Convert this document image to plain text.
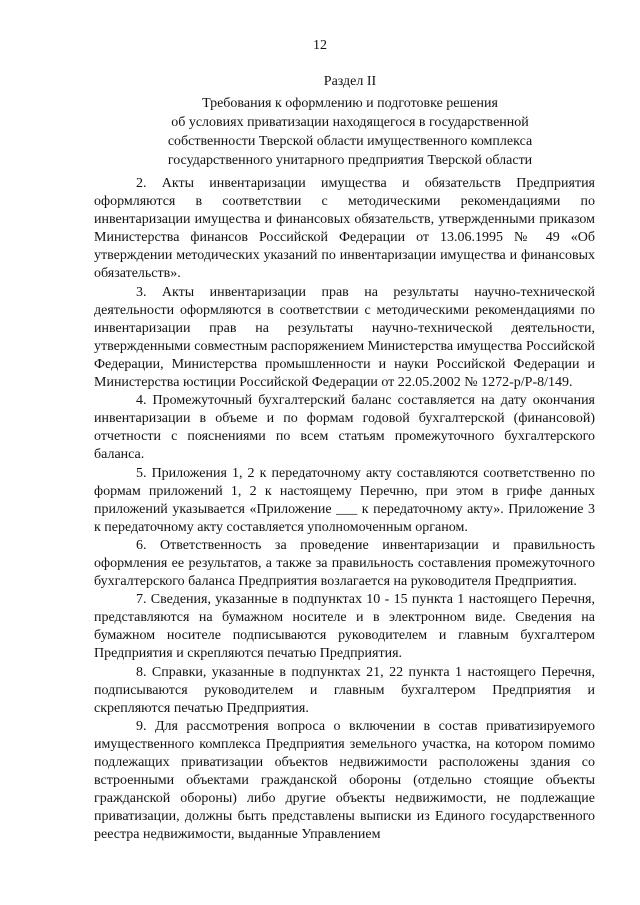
12
Раздел II
Требования к оформлению и подготовке решения
об условиях приватизации находящегося в государственной
собственности Тверской области имущественного комплекса
государственного унитарного предприятия Тверской области

2. Акты инвентаризации имущества и обязательств Предприятия оформляются в соответствии с методическими рекомендациями по инвентаризации имущества и финансовых обязательств, утвержденными приказом Министерства финансов Российской Федерации от 13.06.1995 № 49 «Об утверждении методических указаний по инвентаризации имущества и финансовых обязательств».

3. Акты инвентаризации прав на результаты научно-технической деятельности оформляются в соответствии с методическими рекомендациями по инвентаризации прав на результаты научно-технической деятельности, утвержденными совместным распоряжением Министерства имущества Российской Федерации, Министерства промышленности и науки Российской Федерации и Министерства юстиции Российской Федерации от 22.05.2002 № 1272-р/Р-8/149.

4. Промежуточный бухгалтерский баланс составляется на дату окончания инвентаризации в объеме и по формам годовой бухгалтерской (финансовой) отчетности с пояснениями по всем статьям промежуточного бухгалтерского баланса.

5. Приложения 1, 2 к передаточному акту составляются соответственно по формам приложений 1, 2 к настоящему Перечню, при этом в грифе данных приложений указывается «Приложение ___ к передаточному акту». Приложение 3 к передаточному акту составляется уполномоченным органом.

6. Ответственность за проведение инвентаризации и правильность оформления ее результатов, а также за правильность составления промежуточного бухгалтерского баланса Предприятия возлагается на руководителя Предприятия.

7. Сведения, указанные в подпунктах 10 - 15 пункта 1 настоящего Перечня, представляются на бумажном носителе и в электронном виде. Сведения на бумажном носителе подписываются руководителем и главным бухгалтером Предприятия и скрепляются печатью Предприятия.

8. Справки, указанные в подпунктах 21, 22 пункта 1 настоящего Перечня, подписываются руководителем и главным бухгалтером Предприятия и скрепляются печатью Предприятия.

9. Для рассмотрения вопроса о включении в состав приватизируемого имущественного комплекса Предприятия земельного участка, на котором помимо подлежащих приватизации объектов недвижимости расположены здания со встроенными объектами гражданской обороны (отдельно стоящие объекты гражданской обороны) либо другие объекты недвижимости, не подлежащие приватизации, должны быть представлены выписки из Единого государственного реестра недвижимости, выданные Управлением
